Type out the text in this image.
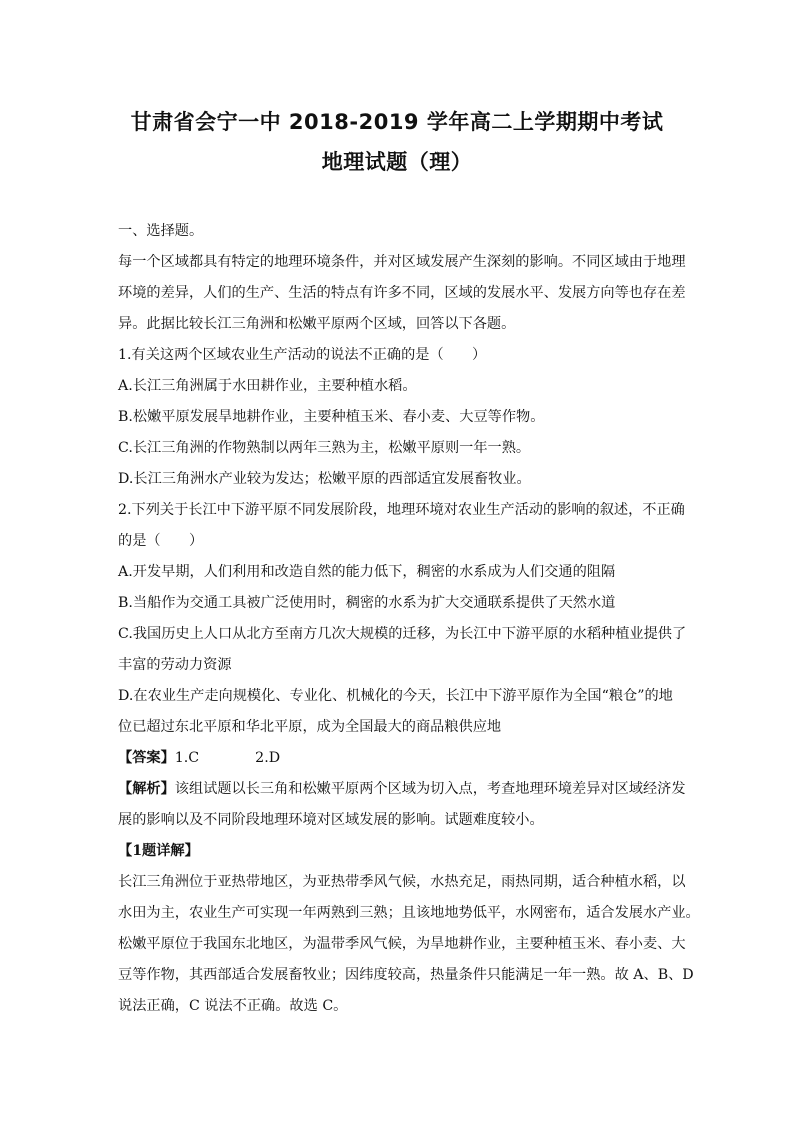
甘肃省会宁一中 2018-2019 学年高二上学期期中考试
地理试题（理）
一、选择题。
每一个区域都具有特定的地理环境条件，并对区域发展产生深刻的影响。不同区域由于地理
环境的差异，人们的生产、生活的特点有许多不同，区域的发展水平、发展方向等也存在差
异。此据比较长江三角洲和松嫩平原两个区域，回答以下各题。
1.有关这两个区域农业生产活动的说法不正确的是（　　）
A.长江三角洲属于水田耕作业，主要种植水稻。
B.松嫩平原发展旱地耕作业，主要种植玉米、春小麦、大豆等作物。
C.长江三角洲的作物熟制以两年三熟为主，松嫩平原则一年一熟。
D.长江三角洲水产业较为发达；松嫩平原的西部适宜发展畜牧业。
2.下列关于长江中下游平原不同发展阶段，地理环境对农业生产活动的影响的叙述，不正确
的是（　　）
A.开发早期，人们利用和改造自然的能力低下，稠密的水系成为人们交通的阻隔
B.当船作为交通工具被广泛使用时，稠密的水系为扩大交通联系提供了天然水道
C.我国历史上人口从北方至南方几次大规模的迁移，为长江中下游平原的水稻种植业提供了
丰富的劳动力资源
D.在农业生产走向规模化、专业化、机械化的今天，长江中下游平原作为全国“粮仓”的地
位已超过东北平原和华北平原，成为全国最大的商品粮供应地
【答案】1.C	2.D
【解析】该组试题以长三角和松嫩平原两个区域为切入点，考查地理环境差异对区域经济发
展的影响以及不同阶段地理环境对区域发展的影响。试题难度较小。
【1题详解】
长江三角洲位于亚热带地区，为亚热带季风气候，水热充足，雨热同期，适合种植水稻，以
水田为主，农业生产可实现一年两熟到三熟；且该地地势低平，水网密布，适合发展水产业。
松嫩平原位于我国东北地区，为温带季风气候，为旱地耕作业，主要种植玉米、春小麦、大
豆等作物，其西部适合发展畜牧业；因纬度较高，热量条件只能满足一年一熟。故 A、B、D
说法正确，C 说法不正确。故选 C。
